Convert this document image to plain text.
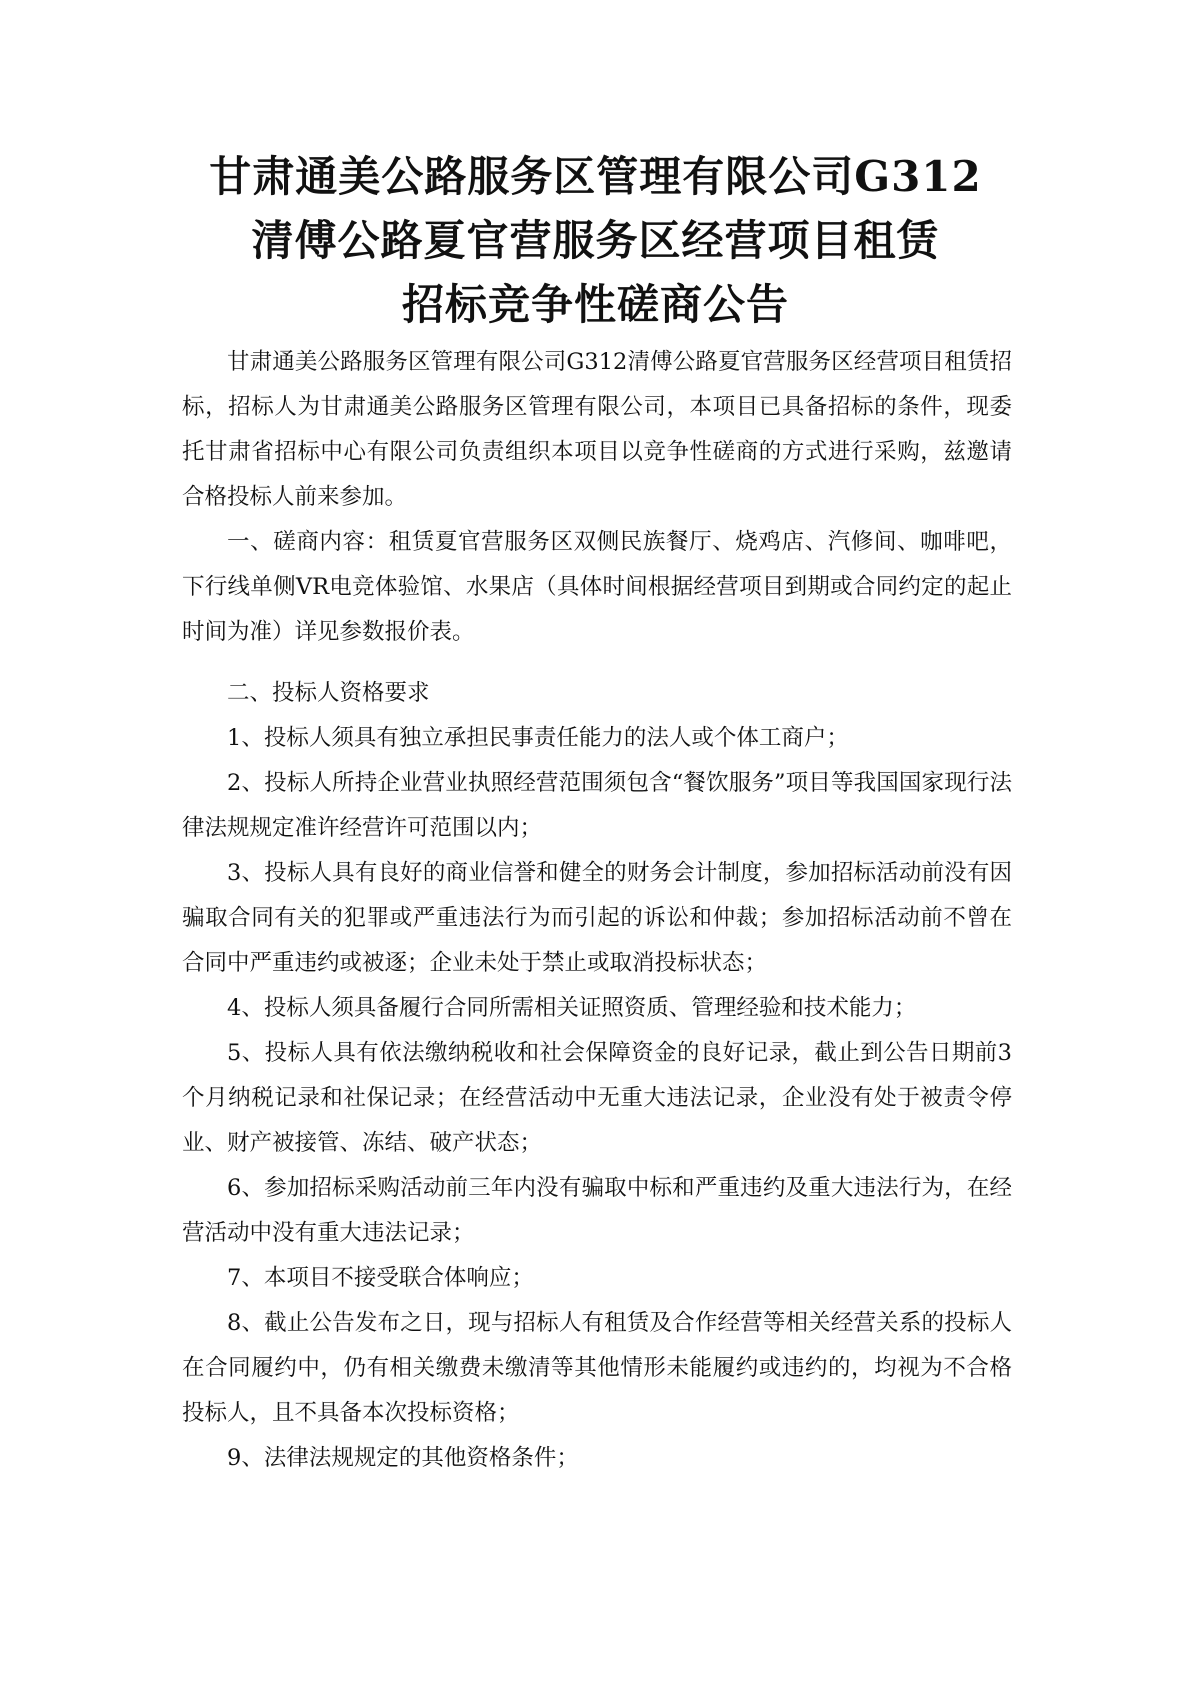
甘肃通美公路服务区管理有限公司G312
清傅公路夏官营服务区经营项目租赁
招标竞争性磋商公告

甘肃通美公路服务区管理有限公司G312清傅公路夏官营服务区经营项目租赁招标，招标人为甘肃通美公路服务区管理有限公司，本项目已具备招标的条件，现委托甘肃省招标中心有限公司负责组织本项目以竞争性磋商的方式进行采购，兹邀请合格投标人前来参加。

一、磋商内容：租赁夏官营服务区双侧民族餐厅、烧鸡店、汽修间、咖啡吧，下行线单侧VR电竞体验馆、水果店（具体时间根据经营项目到期或合同约定的起止时间为准）详见参数报价表。

二、投标人资格要求

1、投标人须具有独立承担民事责任能力的法人或个体工商户；

2、投标人所持企业营业执照经营范围须包含“餐饮服务”项目等我国国家现行法律法规规定准许经营许可范围以内；

3、投标人具有良好的商业信誉和健全的财务会计制度，参加招标活动前没有因骗取合同有关的犯罪或严重违法行为而引起的诉讼和仲裁；参加招标活动前不曾在合同中严重违约或被逐；企业未处于禁止或取消投标状态；

4、投标人须具备履行合同所需相关证照资质、管理经验和技术能力；

5、投标人具有依法缴纳税收和社会保障资金的良好记录，截止到公告日期前3个月纳税记录和社保记录；在经营活动中无重大违法记录，企业没有处于被责令停业、财产被接管、冻结、破产状态；

6、参加招标采购活动前三年内没有骗取中标和严重违约及重大违法行为，在经营活动中没有重大违法记录；

7、本项目不接受联合体响应；

8、截止公告发布之日，现与招标人有租赁及合作经营等相关经营关系的投标人在合同履约中，仍有相关缴费未缴清等其他情形未能履约或违约的，均视为不合格投标人，且不具备本次投标资格；

9、法律法规规定的其他资格条件；
